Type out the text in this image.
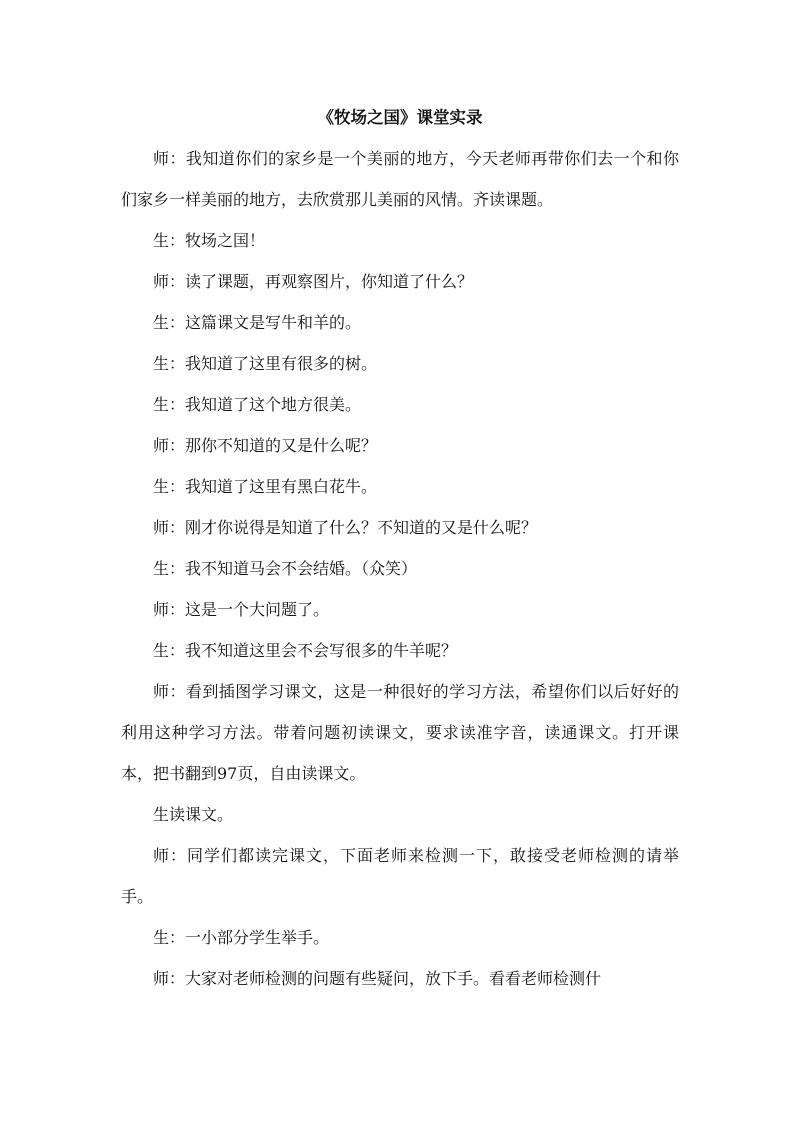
《牧场之国》课堂实录

师：我知道你们的家乡是一个美丽的地方，今天老师再带你们去一个和你们家乡一样美丽的地方，去欣赏那儿美丽的风情。齐读课题。

生：牧场之国！

师：读了课题，再观察图片，你知道了什么？

生：这篇课文是写牛和羊的。

生：我知道了这里有很多的树。

生：我知道了这个地方很美。

师：那你不知道的又是什么呢？

生：我知道了这里有黑白花牛。

师：刚才你说得是知道了什么？不知道的又是什么呢？

生：我不知道马会不会结婚。（众笑）

师：这是一个大问题了。

生：我不知道这里会不会写很多的牛羊呢？

师：看到插图学习课文，这是一种很好的学习方法，希望你们以后好好的利用这种学习方法。带着问题初读课文，要求读准字音，读通课文。打开课本，把书翻到97页，自由读课文。

生读课文。

师：同学们都读完课文，下面老师来检测一下，敢接受老师检测的请举手。

生：一小部分学生举手。

师：大家对老师检测的问题有些疑问，放下手。看看老师检测什
